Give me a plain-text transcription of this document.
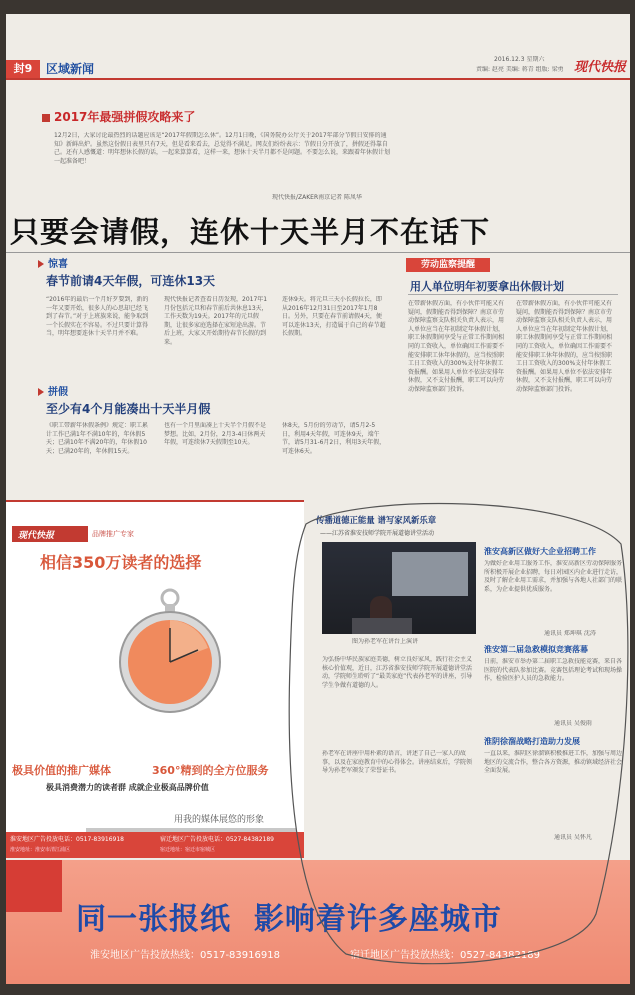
封9	区域新闻
2016.12.3 星期六
责编: 赵亮 美编: 蒋青 组版: 梁勇 现代快报
2017年最强拼假攻略来了
12月2日，大家讨论最热烈的话题应该是“2017年假期怎么休”。12月1日晚，《国务院办公厅关于2017年部分节假日安排的通知》新鲜出炉。虽然这份假日表里只有7天，但是看来看去，总觉得不满足。网友们纷纷表示：节假日分开放了，拼假还得靠自己。还有人感慨道：明年想休长假的话，一起来算算看，这样一来，想休十天半月都不是问题。不要怎么说，来跟着年休假计划一起准备吧！
现代快报/ZAKER南京记者 陈凤华
只要会请假，连休十天半月不在话下
惊喜
春节前请4天年假，可连休13天
“2016年的最后一个月好歹要到，新的一年又要开始，很多人的心思却已经飞到了春节。”对于上班族来说，能争取到一个长假实在不容易。不过只要计算得当，明年想要连休十天半月并不难。
现代快报记者查看日历发现，2017年1月份包括元旦和春节前后共休息13天，工作天数为19天。2017年的元旦假期，让很多家庭选择在家短途出游。节后上班，大家又开始期待春节长假的到来。
连休9天。将元旦三天小长假拉长，即从2016年12月31日至2017年1月8日。另外，只要在春节前请假4天，便可以连休13天，打造属于自己的春节超长假期。
拼假
至少有4个月能凑出十天半月假
《职工带薪年休假条例》规定：职工累计工作已满1年不满10年的，年休假5天；已满10年不满20年的，年休假10天；已满20年的，年休假15天。
也有一个月里面凑上十天半个月假不是梦想。比如，2月份，2月3-4日休两天年假，可连续休7天假期至10天。
休8天，5月份的劳动节，请5月2-5日，利用4天年假，可连休9天，端午节，请5月31-6月2日，利用3天年假，可连休6天。
劳动监察提醒
用人单位明年初要拿出休假计划
在带薪休假方面，有小伙伴可能又有疑问，假期能否得到保障？南京市劳动保障监察支队相关负责人表示，用人单位应当在年初制定年休假计划，职工休假期间享受与正常工作期间相同的工资收入，单位确因工作需要不能安排职工休年休假的，应当按照职工日工资收入的300%支付年休假工资报酬。如果用人单位不依法安排年休假，又不支付报酬，职工可以向劳动保障监察部门投诉。
在带薪休假方面，有小伙伴可能又有疑问，假期能否得到保障？南京市劳动保障监察支队相关负责人表示，用人单位应当在年初制定年休假计划，职工休假期间享受与正常工作期间相同的工资收入，单位确因工作需要不能安排职工休年休假的，应当按照职工日工资收入的300%支付年休假工资报酬。如果用人单位不依法安排年休假，又不支付报酬，职工可以向劳动保障监察部门投诉。
现代快报	品牌推广专家
相信350万读者的选择
极具价值的推广媒体	360°精到的全方位服务
极具消费潜力的读者群 成就企业极高品牌价值
用我的媒体展悠的形象
淮安地区广告投放电话：0517-83916918	宿迁地区广告投放电话：0527-84382189
淮安地址：淮安市清江浦区	宿迁地址：宿迁市宿城区
传播道德正能量 谱写家风新乐章
——江苏省淮安技师学院开展道德讲堂活动
图为孙老军在讲台上演讲
为弘扬中华民族家庭美德，树立良好家风，践行社会主义核心价值观，近日，江苏省淮安技师学院开展道德讲堂活动，学院师生聆听了“最美家庭”代表孙老军的讲座，引导学生争做有道德的人。
孙老军在讲座中用朴素的语言，讲述了自己一家人的故事，以及在家庭教育中的心得体会。讲座结束后，学院领导为孙老军颁发了荣誉证书。
淮安高新区做好大企业招聘工作
为做好企业用工服务工作，淮安高新区劳动保障服务所积极开展企业招聘，每日对园区内企业进行走访，及时了解企业用工需求，并加强与各地人社部门的联系，为企业提供优质服务。
通讯员 郑坤琪 沈涛
淮安第二届急救模拟竞赛落幕
日前，淮安市举办第二届职工急救技能竞赛，来自各医院的代表队参加比赛。竞赛包括理论考试和现场操作，检验医护人员的急救能力。
通讯员 吴俊雨
淮阴徐溜战略打造助力发展
一直以来，淮阴区徐溜镇积极推进工作，加强与周边地区的交流合作，整合各方资源，推动镇域经济社会全面发展。
通讯员 吴怀凡
同一张报纸  影响着许多座城市
淮安地区广告投放热线：0517-83916918	宿迁地区广告投放热线：0527-84382189
